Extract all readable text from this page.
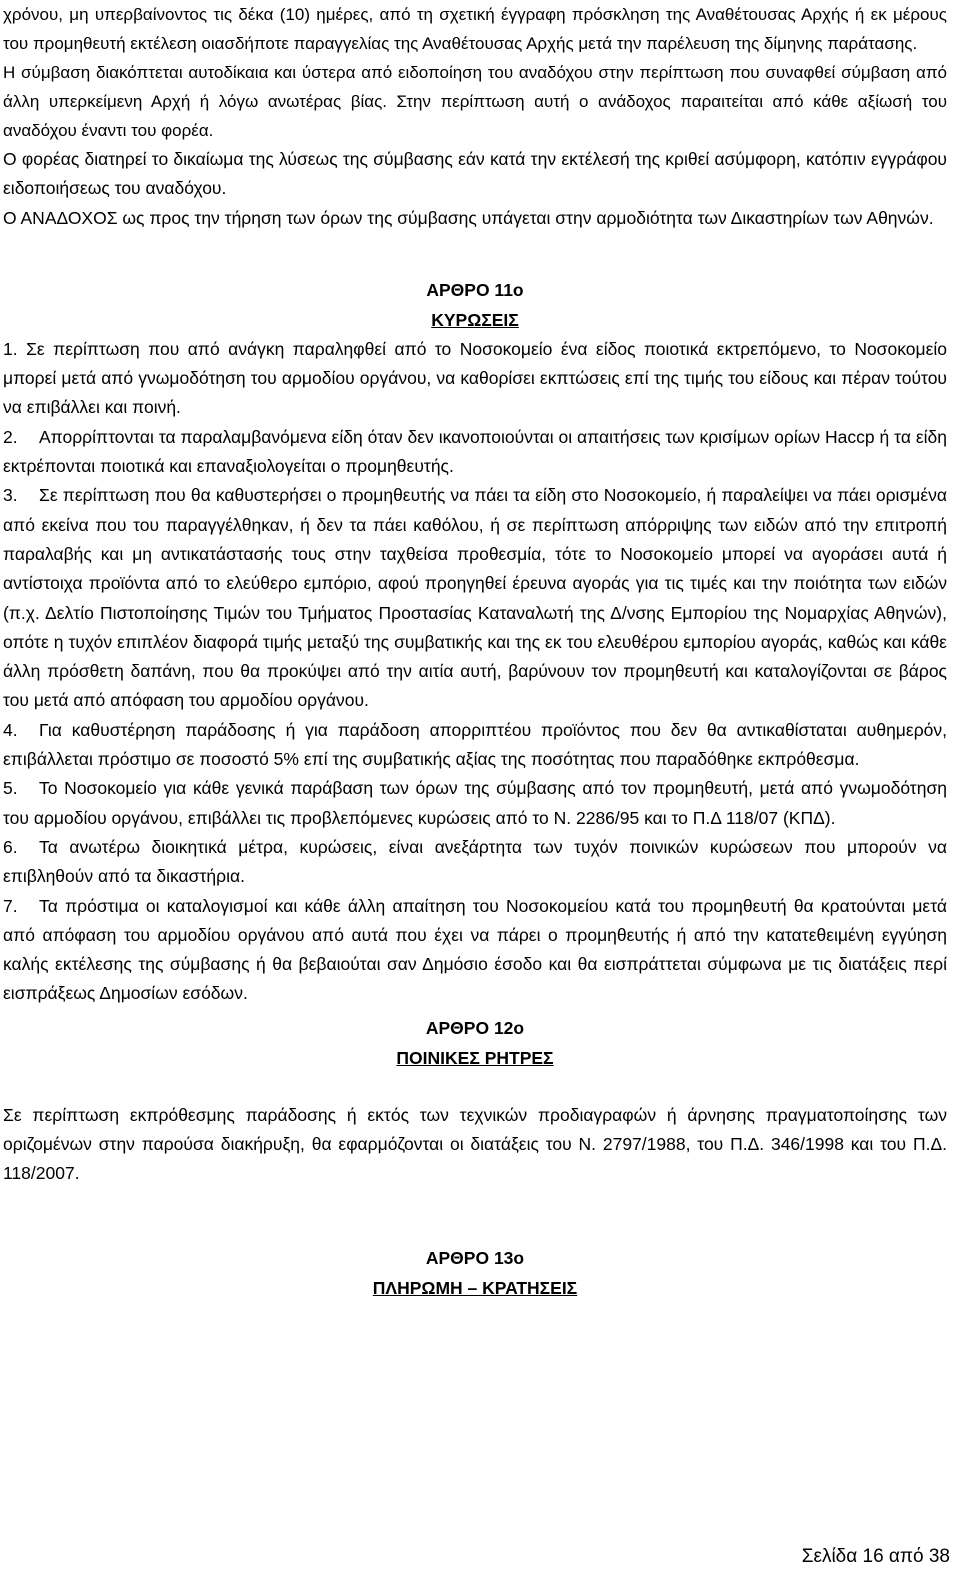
χρόνου, μη υπερβαίνοντος τις δέκα (10) ημέρες, από τη σχετική έγγραφη πρόσκληση της Αναθέτουσας Αρχής ή εκ μέρους του προμηθευτή εκτέλεση οιασδήποτε παραγγελίας της Αναθέτουσας Αρχής μετά την παρέλευση της δίμηνης παράτασης.

Η σύμβαση διακόπτεται αυτοδίκαια και ύστερα από ειδοποίηση του αναδόχου στην περίπτωση που συναφθεί σύμβαση από άλλη υπερκείμενη Αρχή ή λόγω ανωτέρας βίας. Στην περίπτωση αυτή ο ανάδοχος παραιτείται από κάθε αξίωσή του αναδόχου έναντι του φορέα.

Ο φορέας διατηρεί το δικαίωμα της λύσεως της σύμβασης εάν κατά την εκτέλεσή της κριθεί ασύμφορη, κατόπιν εγγράφου ειδοποιήσεως του αναδόχου.

Ο ΑΝΑΔΟΧΟΣ ως προς την τήρηση των όρων της σύμβασης υπάγεται στην αρμοδιότητα των Δικαστηρίων των Αθηνών.

ΑΡΘΡΟ 11ο
ΚΥΡΩΣΕΙΣ

1. Σε περίπτωση που από ανάγκη παραληφθεί από το Νοσοκομείο ένα είδος ποιοτικά εκτρεπόμενο, το Νοσοκομείο μπορεί μετά από γνωμοδότηση του αρμοδίου οργάνου, να καθορίσει εκπτώσεις επί της τιμής του είδους και πέραν τούτου να επιβάλλει και ποινή.

2. Απορρίπτονται τα παραλαμβανόμενα είδη όταν δεν ικανοποιούνται οι απαιτήσεις των κρισίμων ορίων Haccp ή τα είδη εκτρέπονται ποιοτικά και επαναξιολογείται ο προμηθευτής.

3. Σε περίπτωση που θα καθυστερήσει ο προμηθευτής να πάει τα είδη στο Νοσοκομείο, ή παραλείψει να πάει ορισμένα από εκείνα που του παραγγέλθηκαν, ή δεν τα πάει καθόλου, ή σε περίπτωση απόρριψης των ειδών από την επιτροπή παραλαβής και μη αντικατάστασής τους στην ταχθείσα προθεσμία, τότε το Νοσοκομείο μπορεί να αγοράσει αυτά ή αντίστοιχα προϊόντα από το ελεύθερο εμπόριο, αφού προηγηθεί έρευνα αγοράς για τις τιμές και την ποιότητα των ειδών (π.χ. Δελτίο Πιστοποίησης Τιμών του Τμήματος Προστασίας Καταναλωτή της Δ/νσης Εμπορίου της Νομαρχίας Αθηνών), οπότε η τυχόν επιπλέον διαφορά τιμής μεταξύ της συμβατικής και της εκ του ελευθέρου εμπορίου αγοράς, καθώς και κάθε άλλη πρόσθετη δαπάνη, που θα προκύψει από την αιτία αυτή, βαρύνουν τον προμηθευτή και καταλογίζονται σε βάρος του μετά από απόφαση του αρμοδίου οργάνου.

4. Για καθυστέρηση παράδοσης ή για παράδοση απορριπτέου προϊόντος που δεν θα αντικαθίσταται αυθημερόν, επιβάλλεται πρόστιμο σε ποσοστό 5% επί της συμβατικής αξίας της ποσότητας που παραδόθηκε εκπρόθεσμα.

5. Το Νοσοκομείο για κάθε γενικά παράβαση των όρων της σύμβασης από τον προμηθευτή, μετά από γνωμοδότηση του αρμοδίου οργάνου, επιβάλλει τις προβλεπόμενες κυρώσεις από το Ν. 2286/95 και το Π.Δ 118/07 (ΚΠΔ).

6. Τα ανωτέρω διοικητικά μέτρα, κυρώσεις, είναι ανεξάρτητα των τυχόν ποινικών κυρώσεων που μπορούν να επιβληθούν από τα δικαστήρια.

7. Τα πρόστιμα οι καταλογισμοί και κάθε άλλη απαίτηση του Νοσοκομείου κατά του προμηθευτή θα κρατούνται μετά από απόφαση του αρμοδίου οργάνου από αυτά που έχει να πάρει ο προμηθευτής ή από την κατατεθειμένη εγγύηση καλής εκτέλεσης της σύμβασης ή θα βεβαιούται σαν Δημόσιο έσοδο και θα εισπράττεται σύμφωνα με τις διατάξεις περί εισπράξεως Δημοσίων εσόδων.

ΑΡΘΡΟ 12ο
ΠΟΙΝΙΚΕΣ ΡΗΤΡΕΣ

Σε περίπτωση εκπρόθεσμης παράδοσης ή εκτός των τεχνικών προδιαγραφών ή άρνησης πραγματοποίησης των οριζομένων στην παρούσα διακήρυξη, θα εφαρμόζονται οι διατάξεις του Ν. 2797/1988, του Π.Δ. 346/1998 και του Π.Δ. 118/2007.

ΑΡΘΡΟ 13ο
ΠΛΗΡΩΜΗ – ΚΡΑΤΗΣΕΙΣ
Σελίδα 16 από 38
